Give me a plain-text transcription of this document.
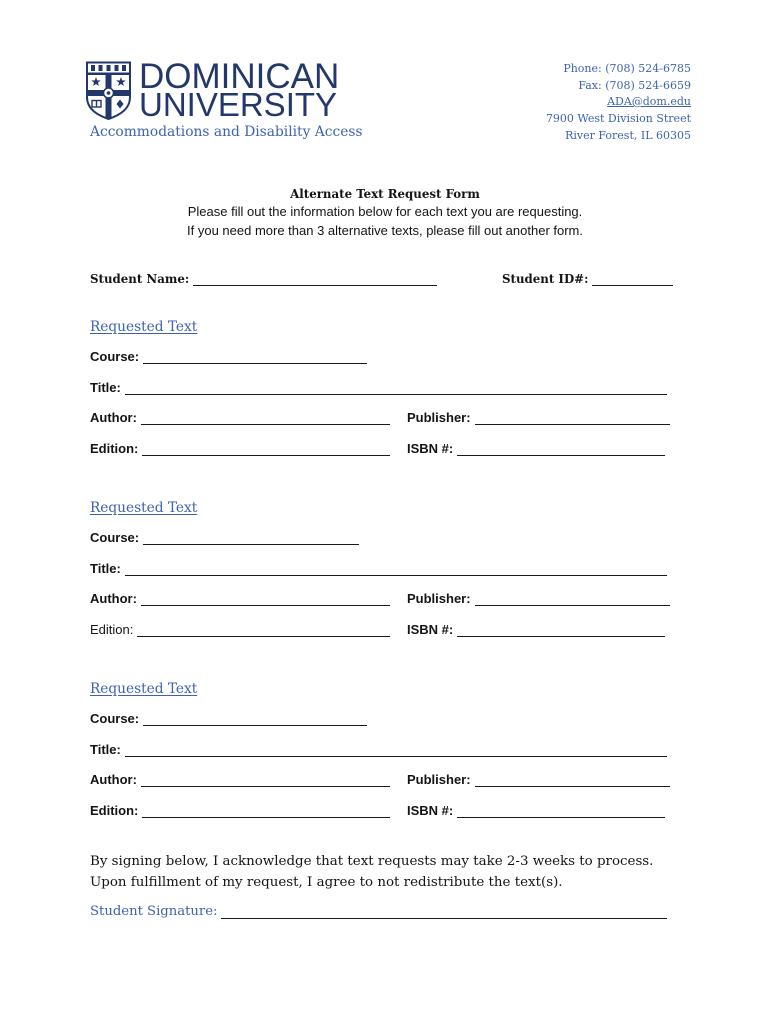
DOMINICAN
UNIVERSITY
Accommodations and Disability Access
Phone: (708) 524-6785
Fax: (708) 524-6659
ADA@dom.edu
7900 West Division Street
River Forest, IL 60305
Alternate Text Request Form
Please fill out the information below for each text you are requesting.
If you need more than 3 alternative texts, please fill out another form.
Student Name:	Student ID#:
Requested Text
Course:
Title:
Author:	Publisher:
Edition:	ISBN #:
Requested Text
Course:
Title:
Author:	Publisher:
Edition:	ISBN #:
Requested Text
Course:
Title:
Author:	Publisher:
Edition:	ISBN #:
By signing below, I acknowledge that text requests may take 2-3 weeks to process.
Upon fulfillment of my request, I agree to not redistribute the text(s).
Student Signature:
